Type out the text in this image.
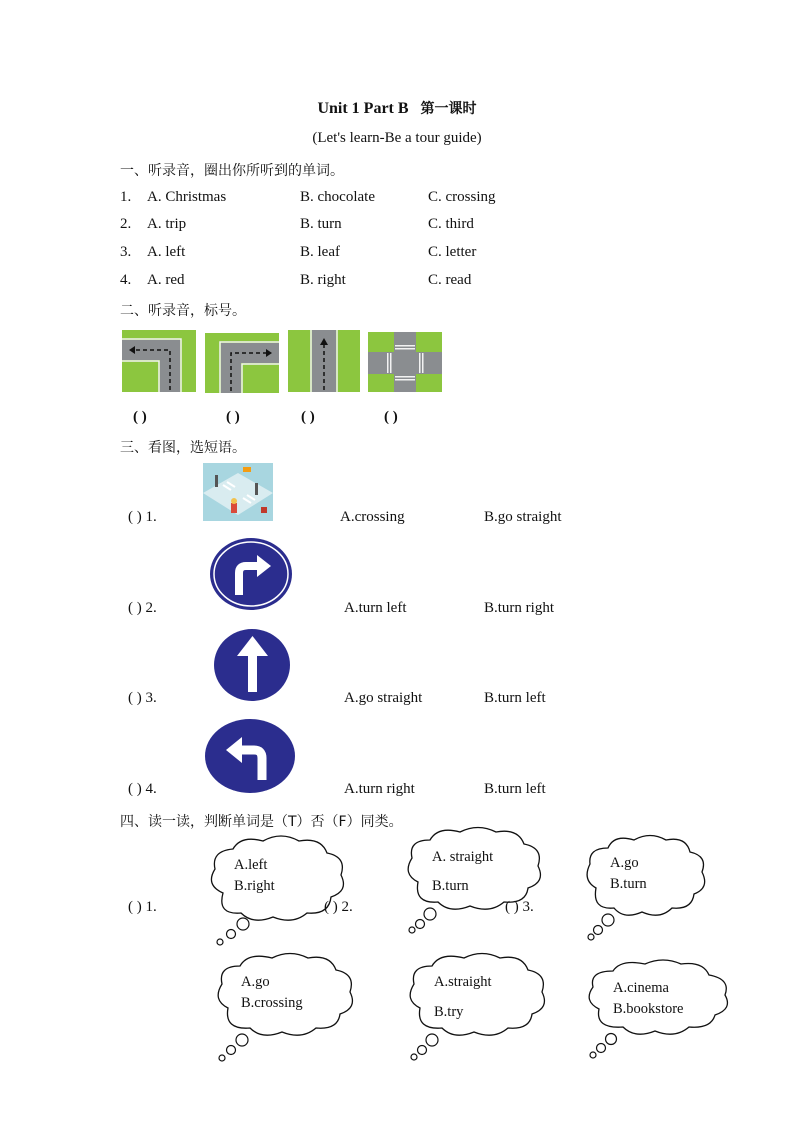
Unit 1 Part B 第一课时
(Let's learn-Be a tour guide)
一、听录音，圈出你所听到的单词。
1. A. Christmas	B. chocolate	C. crossing
2. A. trip	B. turn	C. third
3. A. left	B. leaf	C. letter
4. A. red	B. right	C. read
二、听录音，标号。
( )	( )	( )	( )
三、看图，选短语。
( ) 1.	A.crossing	B.go straight
( ) 2.	A.turn left	B.turn right
( ) 3.	A.go straight	B.turn left
( ) 4.	A.turn right	B.turn left
四、读一读，判断单词是（T）否（F）同类。
A.left
B.right
A. straight
B.turn
A.go
B.turn
( ) 1.	( ) 2.	( ) 3.
A.go
B.crossing
A.straight
B.try
A.cinema
B.bookstore
